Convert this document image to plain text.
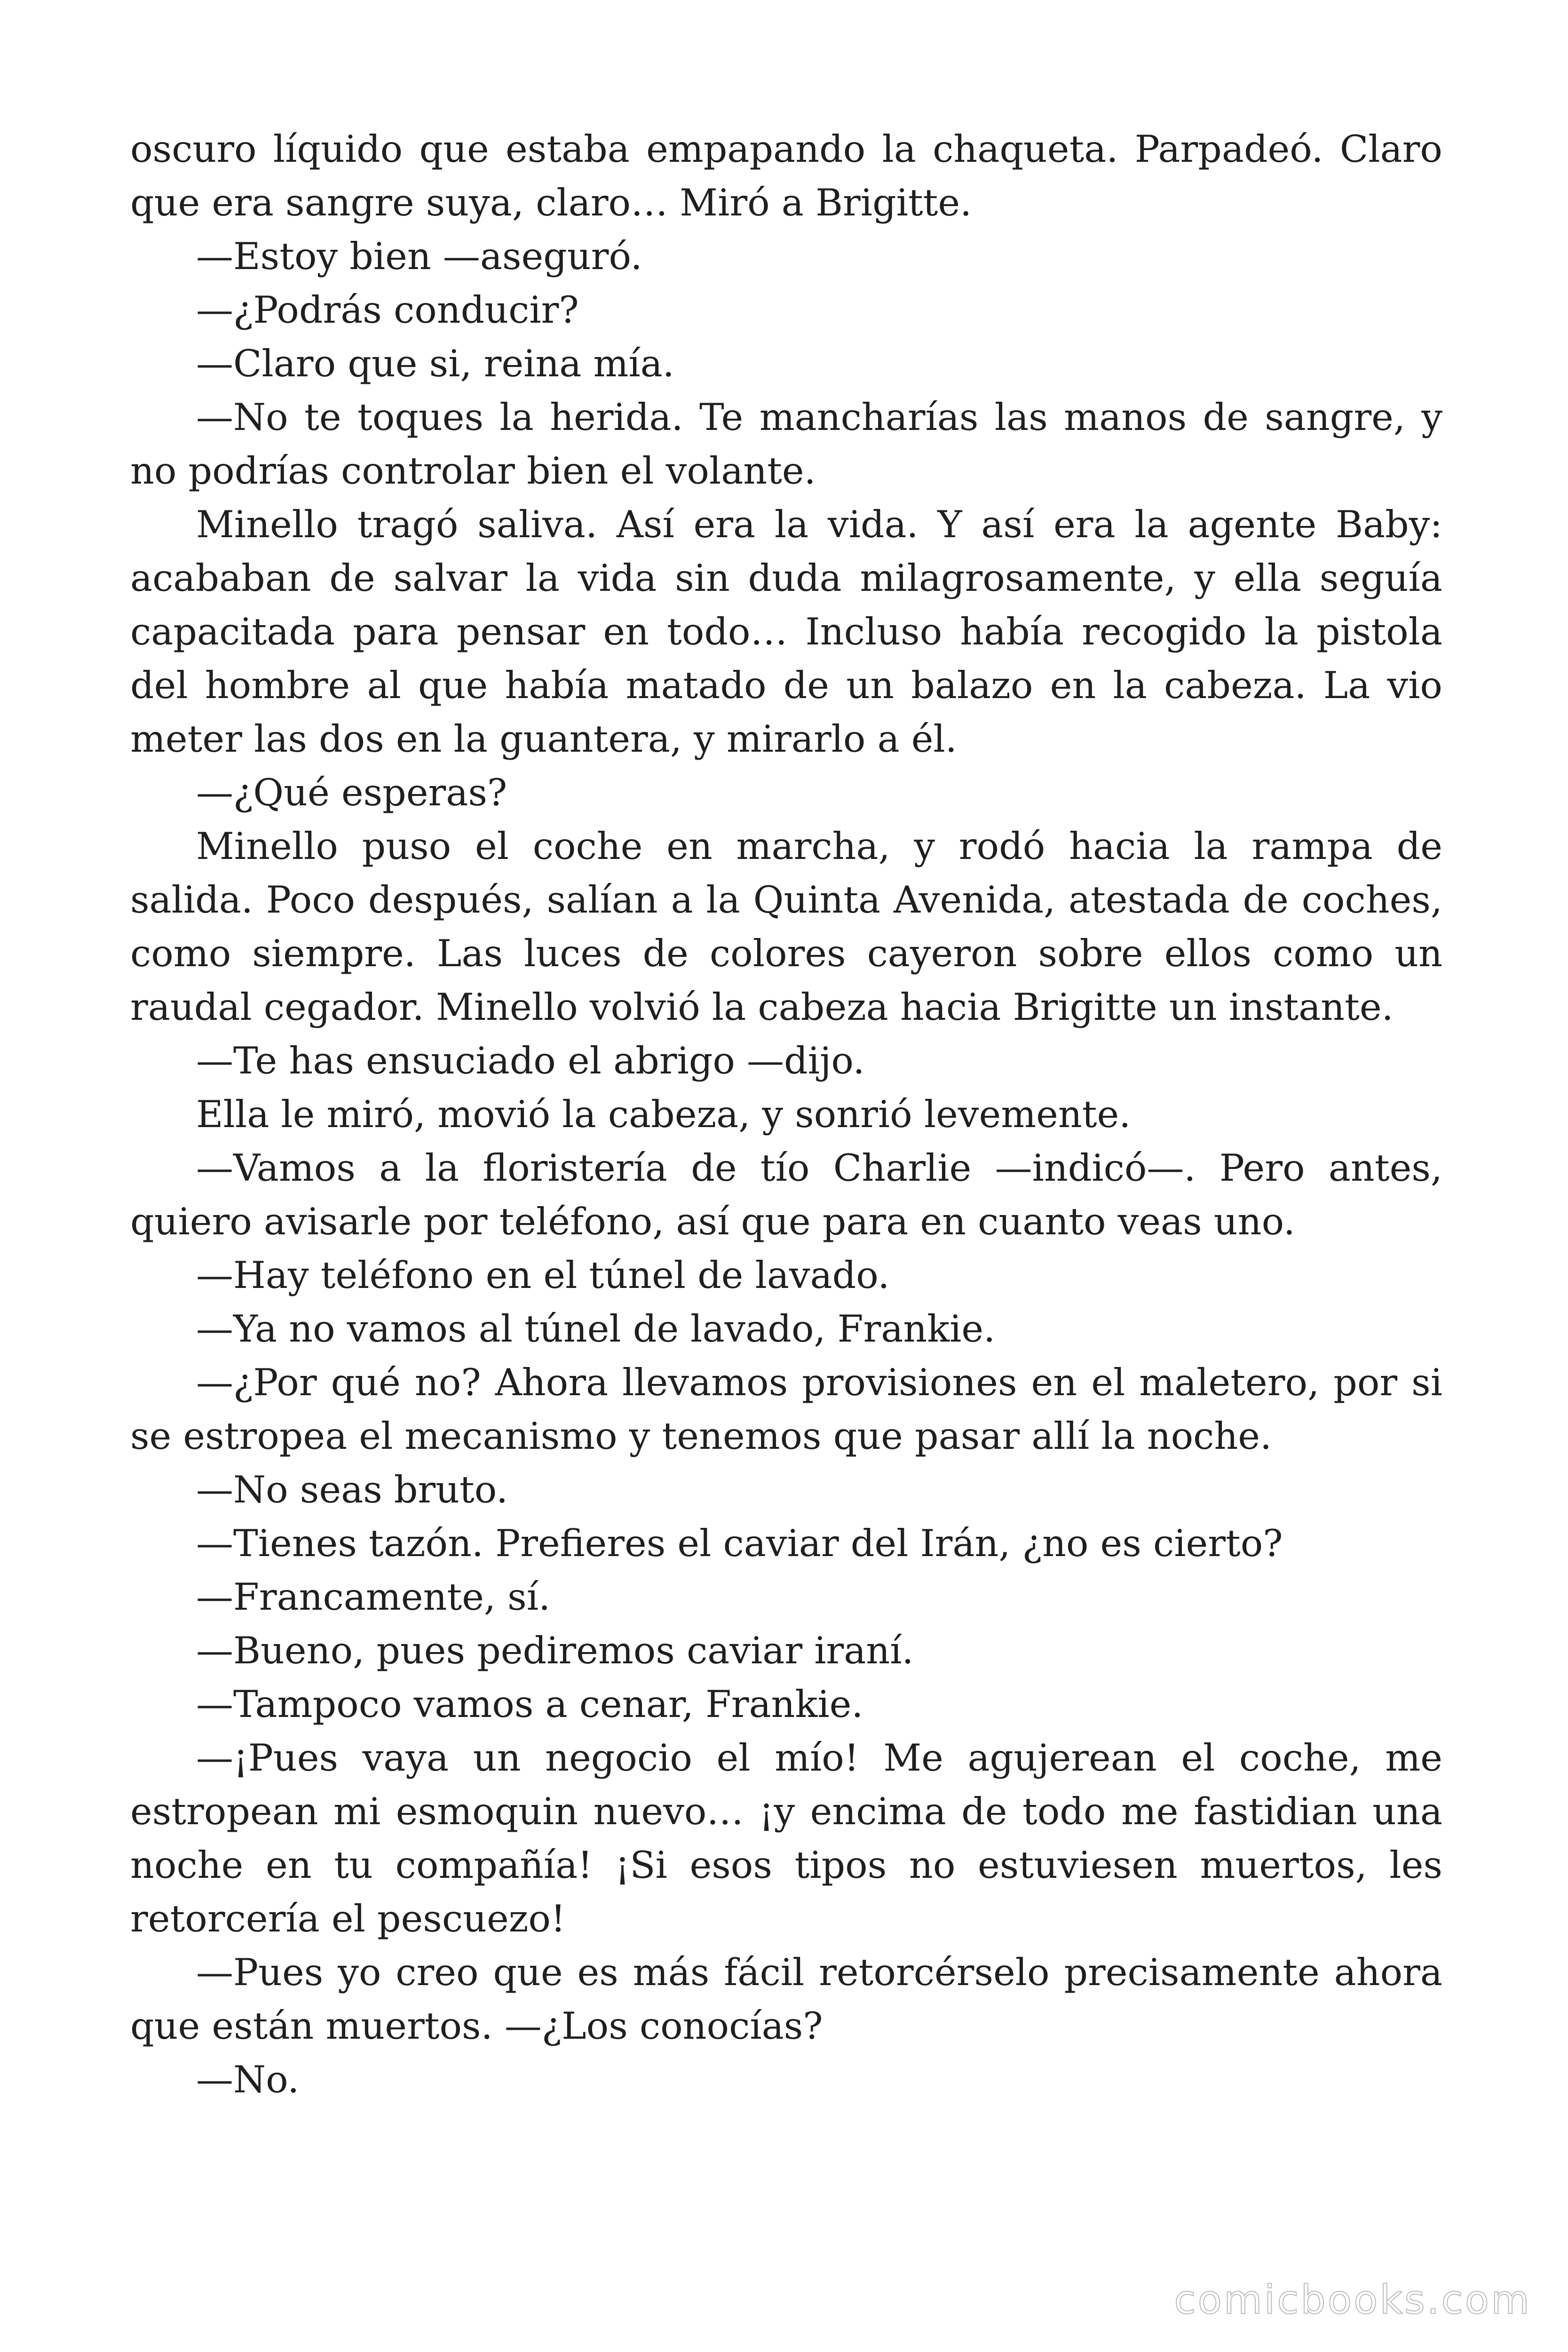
oscuro líquido que estaba empapando la chaqueta. Parpadeó. Claro que era sangre suya, claro… Miró a Brigitte.

—Estoy bien —aseguró.

—¿Podrás conducir?

—Claro que si, reina mía.

—No te toques la herida. Te mancharías las manos de sangre, y no podrías controlar bien el volante.

Minello tragó saliva. Así era la vida. Y así era la agente Baby: acababan de salvar la vida sin duda milagrosamente, y ella seguía capacitada para pensar en todo… Incluso había recogido la pistola del hombre al que había matado de un balazo en la cabeza. La vio meter las dos en la guantera, y mirarlo a él.

—¿Qué esperas?

Minello puso el coche en marcha, y rodó hacia la rampa de salida. Poco después, salían a la Quinta Avenida, atestada de coches, como siempre. Las luces de colores cayeron sobre ellos como un raudal cegador. Minello volvió la cabeza hacia Brigitte un instante.

—Te has ensuciado el abrigo —dijo.

Ella le miró, movió la cabeza, y sonrió levemente.

—Vamos a la floristería de tío Charlie —indicó—. Pero antes, quiero avisarle por teléfono, así que para en cuanto veas uno.

—Hay teléfono en el túnel de lavado.

—Ya no vamos al túnel de lavado, Frankie.

—¿Por qué no? Ahora llevamos provisiones en el maletero, por si se estropea el mecanismo y tenemos que pasar allí la noche.

—No seas bruto.

—Tienes tazón. Prefieres el caviar del Irán, ¿no es cierto?

—Francamente, sí.

—Bueno, pues pediremos caviar iraní.

—Tampoco vamos a cenar, Frankie.

—¡Pues vaya un negocio el mío! Me agujerean el coche, me estropean mi esmoquin nuevo… ¡y encima de todo me fastidian una noche en tu compañía! ¡Si esos tipos no estuviesen muertos, les retorcería el pescuezo!

—Pues yo creo que es más fácil retorcérselo precisamente ahora que están muertos. —¿Los conocías?

—No.

comicbooks.com
